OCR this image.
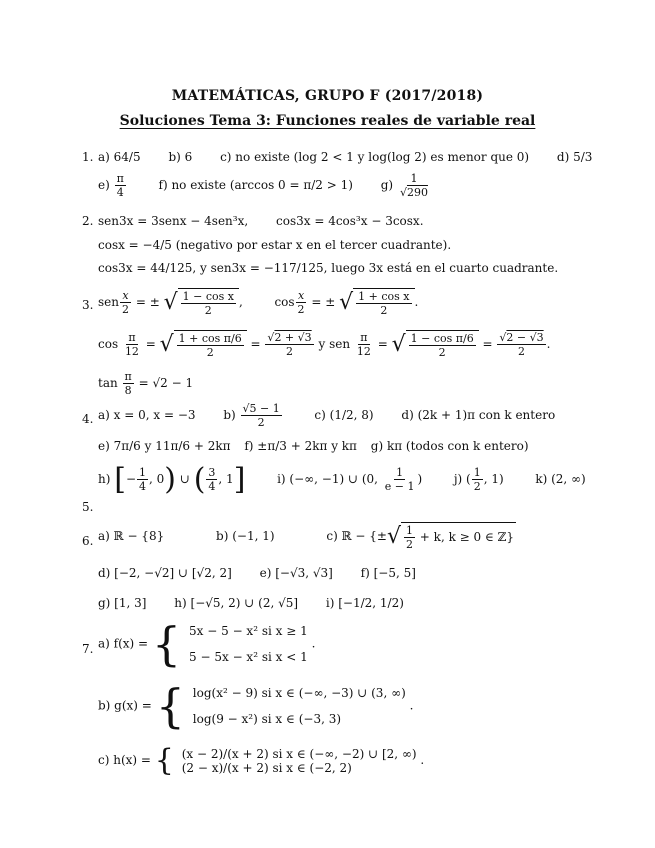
MATEMÁTICAS, GRUPO F (2017/2018)
Soluciones Tema 3: Funciones reales de variable real
1. a) 64/5 b) 6 c) no existe (log 2 < 1 y log(log 2) es menor que 0) d) 5/3
$e) \frac{\pi}{4}$	f) no existe (arccos 0 = π/2 > 1) $g) \frac{1}{√290}$
2. sen3x = 3senx − 4sen³x, cos3x = 4cos³x − 3cosx.
cosx = −4/5 (negativo por estar x en el tercer cuadrante).
cos3x = 44/125, y sen3x = −117/125, luego 3x está en el cuarto cuadrante.
3. sen $\frac{x}{2}$ = ± √ $\frac{\text{1 − cos x}}{2}$ ,  $\cos \frac{x}{2}$ = ± √ $\frac{\text{1 + cos x}}{2}$ .
$\cos \frac{\pi}{12}$ = √ $\frac{\text{1 + cos π/6}}{2} = \frac{√2 + √3}{2}$ y sen $\frac{\pi}{12}$ = √ $\frac{\text{1 − cos π/6}}{2} = \frac{√2 - √3}{2}$ .
$\tan \frac{\pi}{8} = √2 - 1$
4. a) x = 0, x = −3 $b) \frac{√5 - 1}{2}$	c) (1/2, 8) d) (2k + 1)π con k entero
e) 7π/6 y 11π/6 + 2kπ f) ±π/3 + 2kπ y kπ g) kπ (todos con k entero)
h) [− $\frac{1}{4}$ , 0) ∪ ( $\frac{3}{4}$ , 1]	i) (−∞, −1) ∪ (0, $\frac{1}{e - 1}$ )  j) ( $\frac{1}{2}$ , 1)	k) (2, ∞)
5.
6. a) ℝ − {8}	b) (−1, 1)	c) ℝ − {±√ $\frac{1}{2} + k$, k ≥ 0 ∈ ℤ}
d) [−2, −√2] ∪ [√2, 2] e) [−√3, √3] f) [−5, 5]
g) [1, 3] h) [−√5, 2) ∪ (2, √5] i) [−1/2, 1/2)
7. a) f(x) = { 5x − 5 − x² si x ≥ 1
5 − 5x − x² si x < 1
.
b) g(x) = { log(x² − 9) si x ∈ (−∞, −3) ∪ (3, ∞)
log(9 − x²) si x ∈ (−3, 3)
.
c) h(x) = { (x − 2)/(x + 2) si x ∈ (−∞, −2) ∪ [2, ∞)
(2 − x)/(x + 2) si x ∈ (−2, 2)
.
